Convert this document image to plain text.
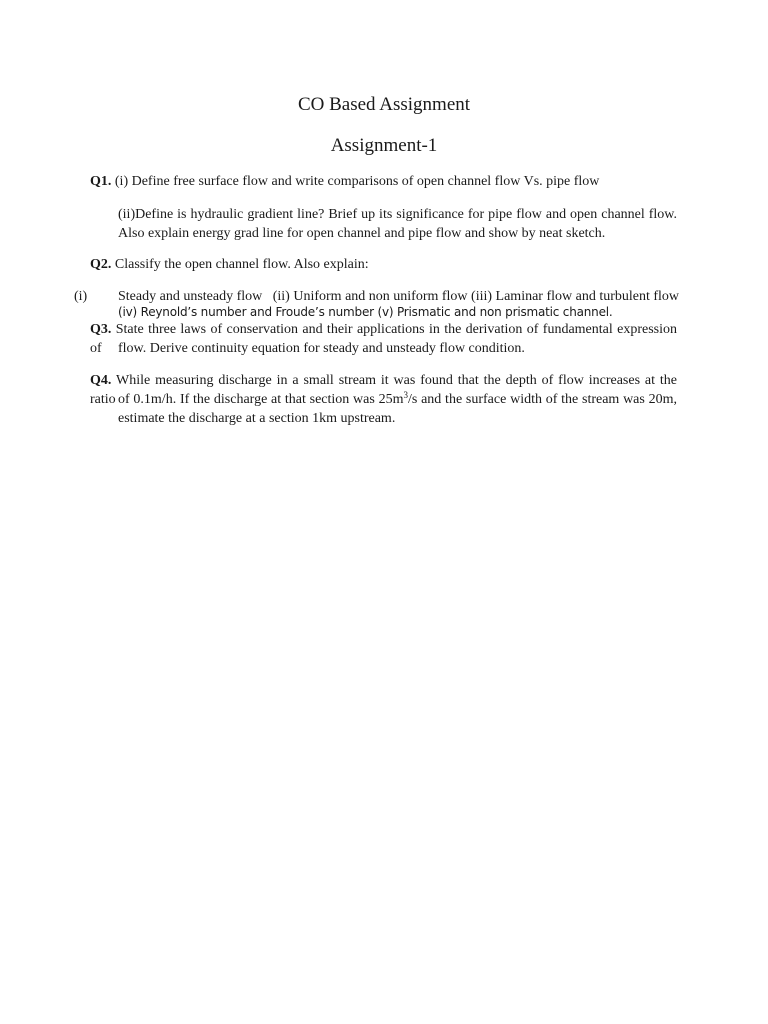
CO Based Assignment
Assignment-1
Q1. (i) Define free surface flow and write comparisons of open channel flow Vs. pipe flow
(ii)Define is hydraulic gradient line? Brief up its significance for pipe flow and open channel flow.
Also explain energy grad line for open channel and pipe flow and show by neat sketch.
Q2. Classify the open channel flow. Also explain:
(i) Steady and unsteady flow   (ii) Uniform and non uniform flow (iii) Laminar flow and turbulent flow
(iv) Reynold’s number and Froude’s number (v) Prismatic and non prismatic channel.
Q3. State three laws of conservation and their applications in the derivation of fundamental expression of	flow. Derive continuity equation for steady and unsteady flow condition.
Q4. While measuring discharge in a small stream it was found that the depth of flow increases at the ratio of 0.1m/h. If the discharge at that section was $25m^3/s$ and the surface width of the stream was 20m,
estimate the discharge at a section 1km upstream.
